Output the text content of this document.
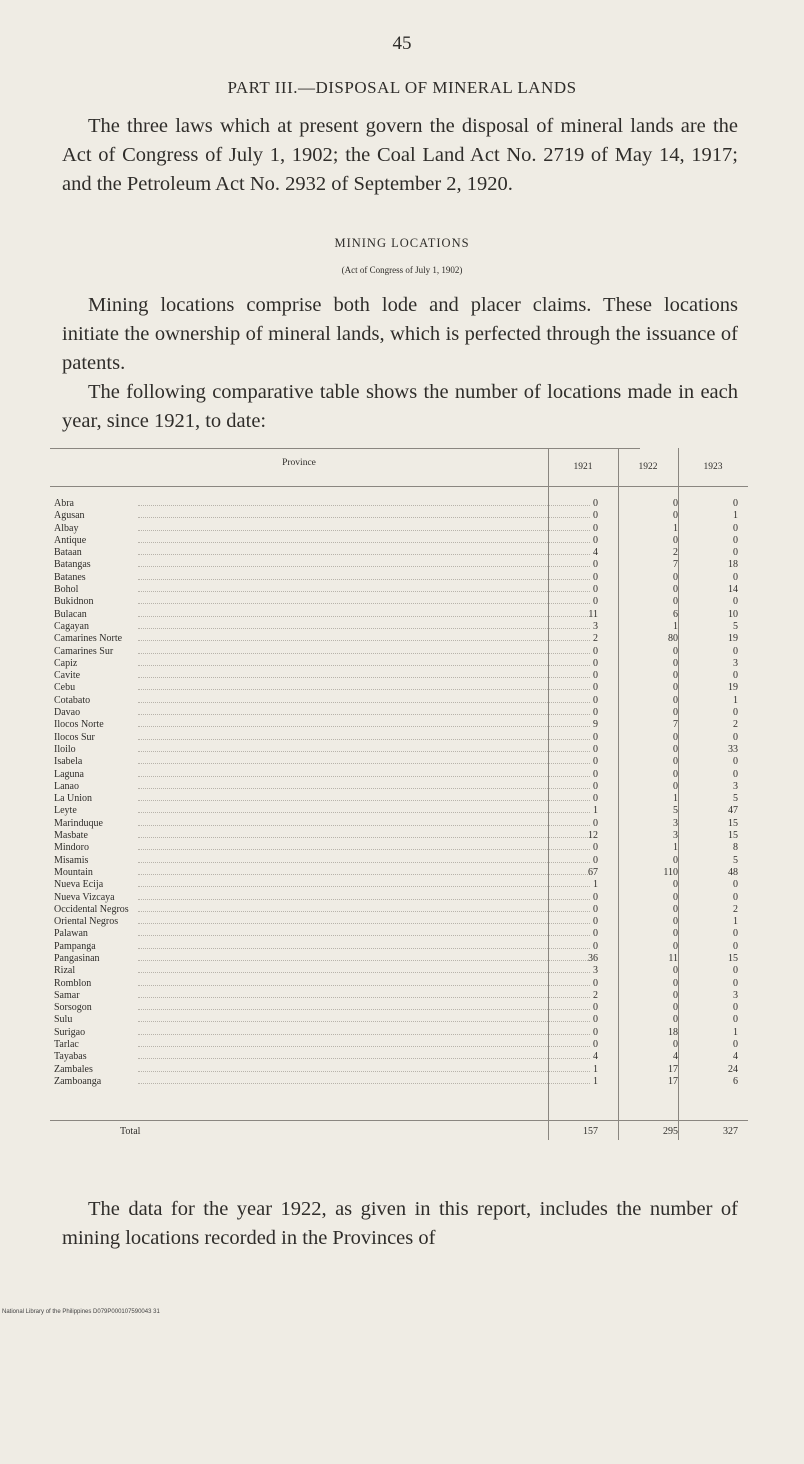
45
PART III.—DISPOSAL OF MINERAL LANDS
The three laws which at present govern the disposal of mineral lands are the Act of Congress of July 1, 1902; the Coal Land Act No. 2719 of May 14, 1917; and the Petroleum Act No. 2932 of September 2, 1920.
MINING LOCATIONS
(Act of Congress of July 1, 1902)
Mining locations comprise both lode and placer claims. These locations initiate the ownership of mineral lands, which is perfected through the issuance of patents.
The following comparative table shows the number of locations made in each year, since 1921, to date:
Province	1921	1922	1923
Abra	0	0	0
Agusan	0	0	1
Albay	0	1	0
Antique	0	0	0
Bataan	4	2	0
Batangas	0	7	18
Batanes	0	0	0
Bohol	0	0	14
Bukidnon	0	0	0
Bulacan	11	6	10
Cagayan	3	1	5
Camarines Norte	2	80	19
Camarines Sur	0	0	0
Capiz	0	0	3
Cavite	0	0	0
Cebu	0	0	19
Cotabato	0	0	1
Davao	0	0	0
Ilocos Norte	9	7	2
Ilocos Sur	0	0	0
Iloilo	0	0	33
Isabela	0	0	0
Laguna	0	0	0
Lanao	0	0	3
La Union	0	1	5
Leyte	1	5	47
Marinduque	0	3	15
Masbate	12	3	15
Mindoro	0	1	8
Misamis	0	0	5
Mountain	67	110	48
Nueva Ecija	1	0	0
Nueva Vizcaya	0	0	0
Occidental Negros	0	0	2
Oriental Negros	0	0	1
Palawan	0	0	0
Pampanga	0	0	0
Pangasinan	36	11	15
Rizal	3	0	0
Romblon	0	0	0
Samar	2	0	3
Sorsogon	0	0	0
Sulu	0	0	0
Surigao	0	18	1
Tarlac	0	0	0
Tayabas	4	4	4
Zambales	1	17	24
Zamboanga	1	17	6
Total	157	295	327
The data for the year 1922, as given in this report, includes the number of mining locations recorded in the Provinces of
National Library of the Philippines D079P000107590043 31
